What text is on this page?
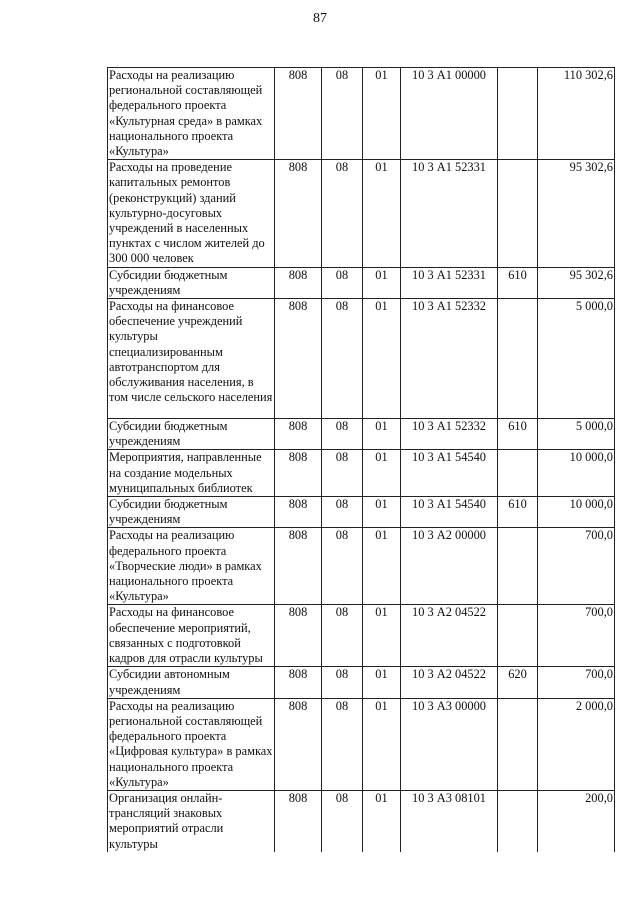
87
Расходы на реализацию региональной составляющей федерального проекта «Культурная среда» в рамках национального проекта «Культура»	808	08	01	10 3 А1 00000		110 302,6
Расходы на проведение капитальных ремонтов (реконструкций) зданий культурно-досуговых учреждений в населенных пунктах с числом жителей до 300 000 человек	808	08	01	10 3 А1 52331		95 302,6
Субсидии бюджетным учреждениям	808	08	01	10 3 А1 52331	610	95 302,6
Расходы на финансовое обеспечение учреждений культуры специализированным автотранспортом для обслуживания населения, в том числе сельского населения	808	08	01	10 3 А1 52332		5 000,0
Субсидии бюджетным учреждениям	808	08	01	10 3 А1 52332	610	5 000,0
Мероприятия, направленные на создание модельных муниципальных библиотек	808	08	01	10 3 А1 54540		10 000,0
Субсидии бюджетным учреждениям	808	08	01	10 3 А1 54540	610	10 000,0
Расходы на реализацию федерального проекта «Творческие люди» в рамках национального проекта «Культура»	808	08	01	10 3 А2 00000		700,0
Расходы на финансовое обеспечение мероприятий, связанных с подготовкой кадров для отрасли культуры	808	08	01	10 3 А2 04522		700,0
Субсидии автономным учреждениям	808	08	01	10 3 А2 04522	620	700,0
Расходы на реализацию региональной составляющей федерального проекта «Цифровая культура» в рамках национального проекта «Культура»	808	08	01	10 3 А3 00000		2 000,0
Организация онлайн-трансляций знаковых мероприятий отрасли культуры	808	08	01	10 3 А3 08101		200,0
